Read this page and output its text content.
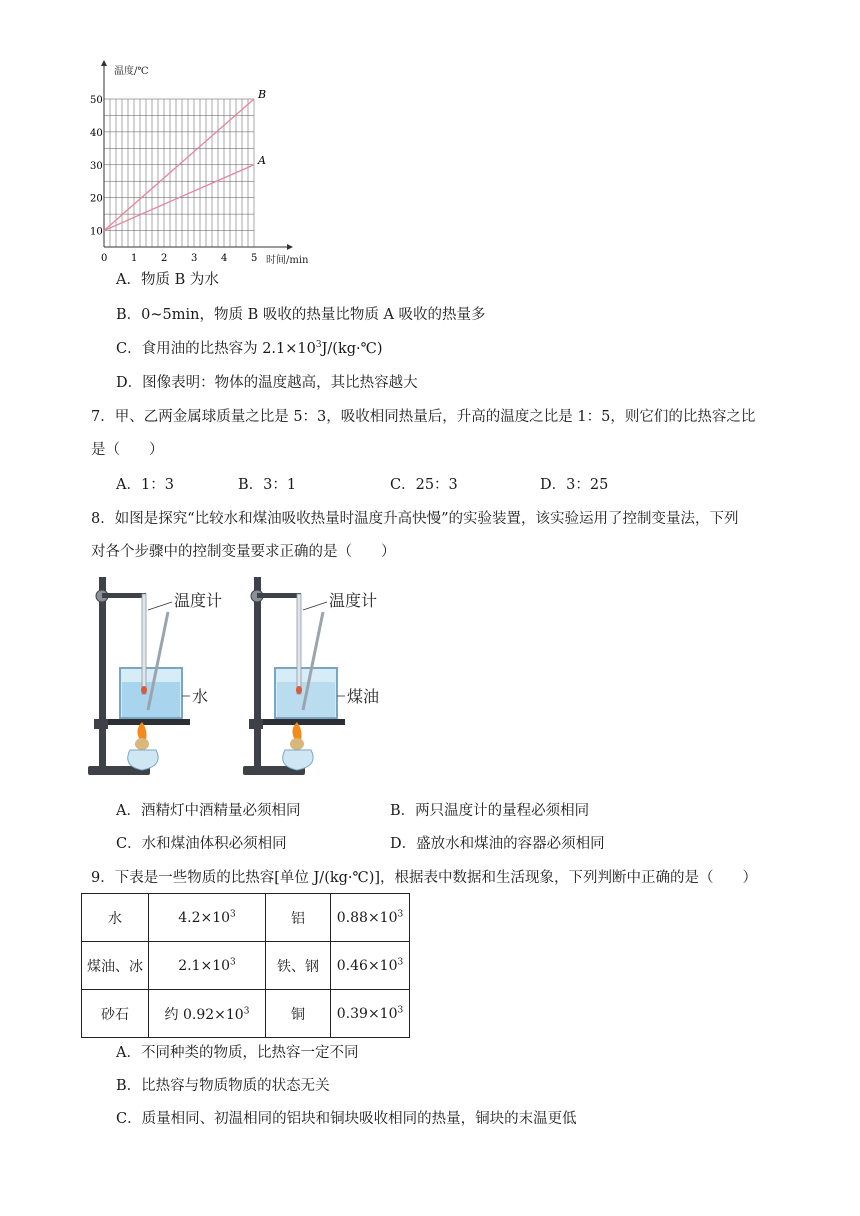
温度/℃
时间/min
0 1 2 3 4 5
10
20
30
40
50	B
A
A．物质 B 为水
B．0~5min，物质 B 吸收的热量比物质 A 吸收的热量多
C．食用油的比热容为 $2.1\times 10^3J/(kg\cdot℃)$
D．图像表明：物体的温度越高，其比热容越大
7．甲、乙两金属球质量之比是 5：3，吸收相同热量后，升高的温度之比是 1：5，则它们的比热容之比
是（　　）
A．1：3	B．3：1	C．25：3	D．3：25
8．如图是探究“比较水和煤油吸收热量时温度升高快慢”的实验装置，该实验运用了控制变量法，下列
对各个步骤中的控制变量要求正确的是（　　）
温度计
水
温度计
煤油
A．酒精灯中酒精量必须相同	B．两只温度计的量程必须相同
C．水和煤油体积必须相同	D．盛放水和煤油的容器必须相同
9．下表是一些物质的比热容[单位 J/(kg·℃)]，根据表中数据和生活现象，下列判断中正确的是（　　）
水	$4.2\times 10^3$	铝	$0.88\times 10^3$
煤油、冰	$2.1\times 10^3$	铁、钢	$0.46\times 10^3$
砂石	约 $0.92\times 10^3$	铜	$0.39\times 10^3$
A．不同种类的物质，比热容一定不同
B．比热容与物质物质的状态无关
C．质量相同、初温相同的铝块和铜块吸收相同的热量，铜块的末温更低
